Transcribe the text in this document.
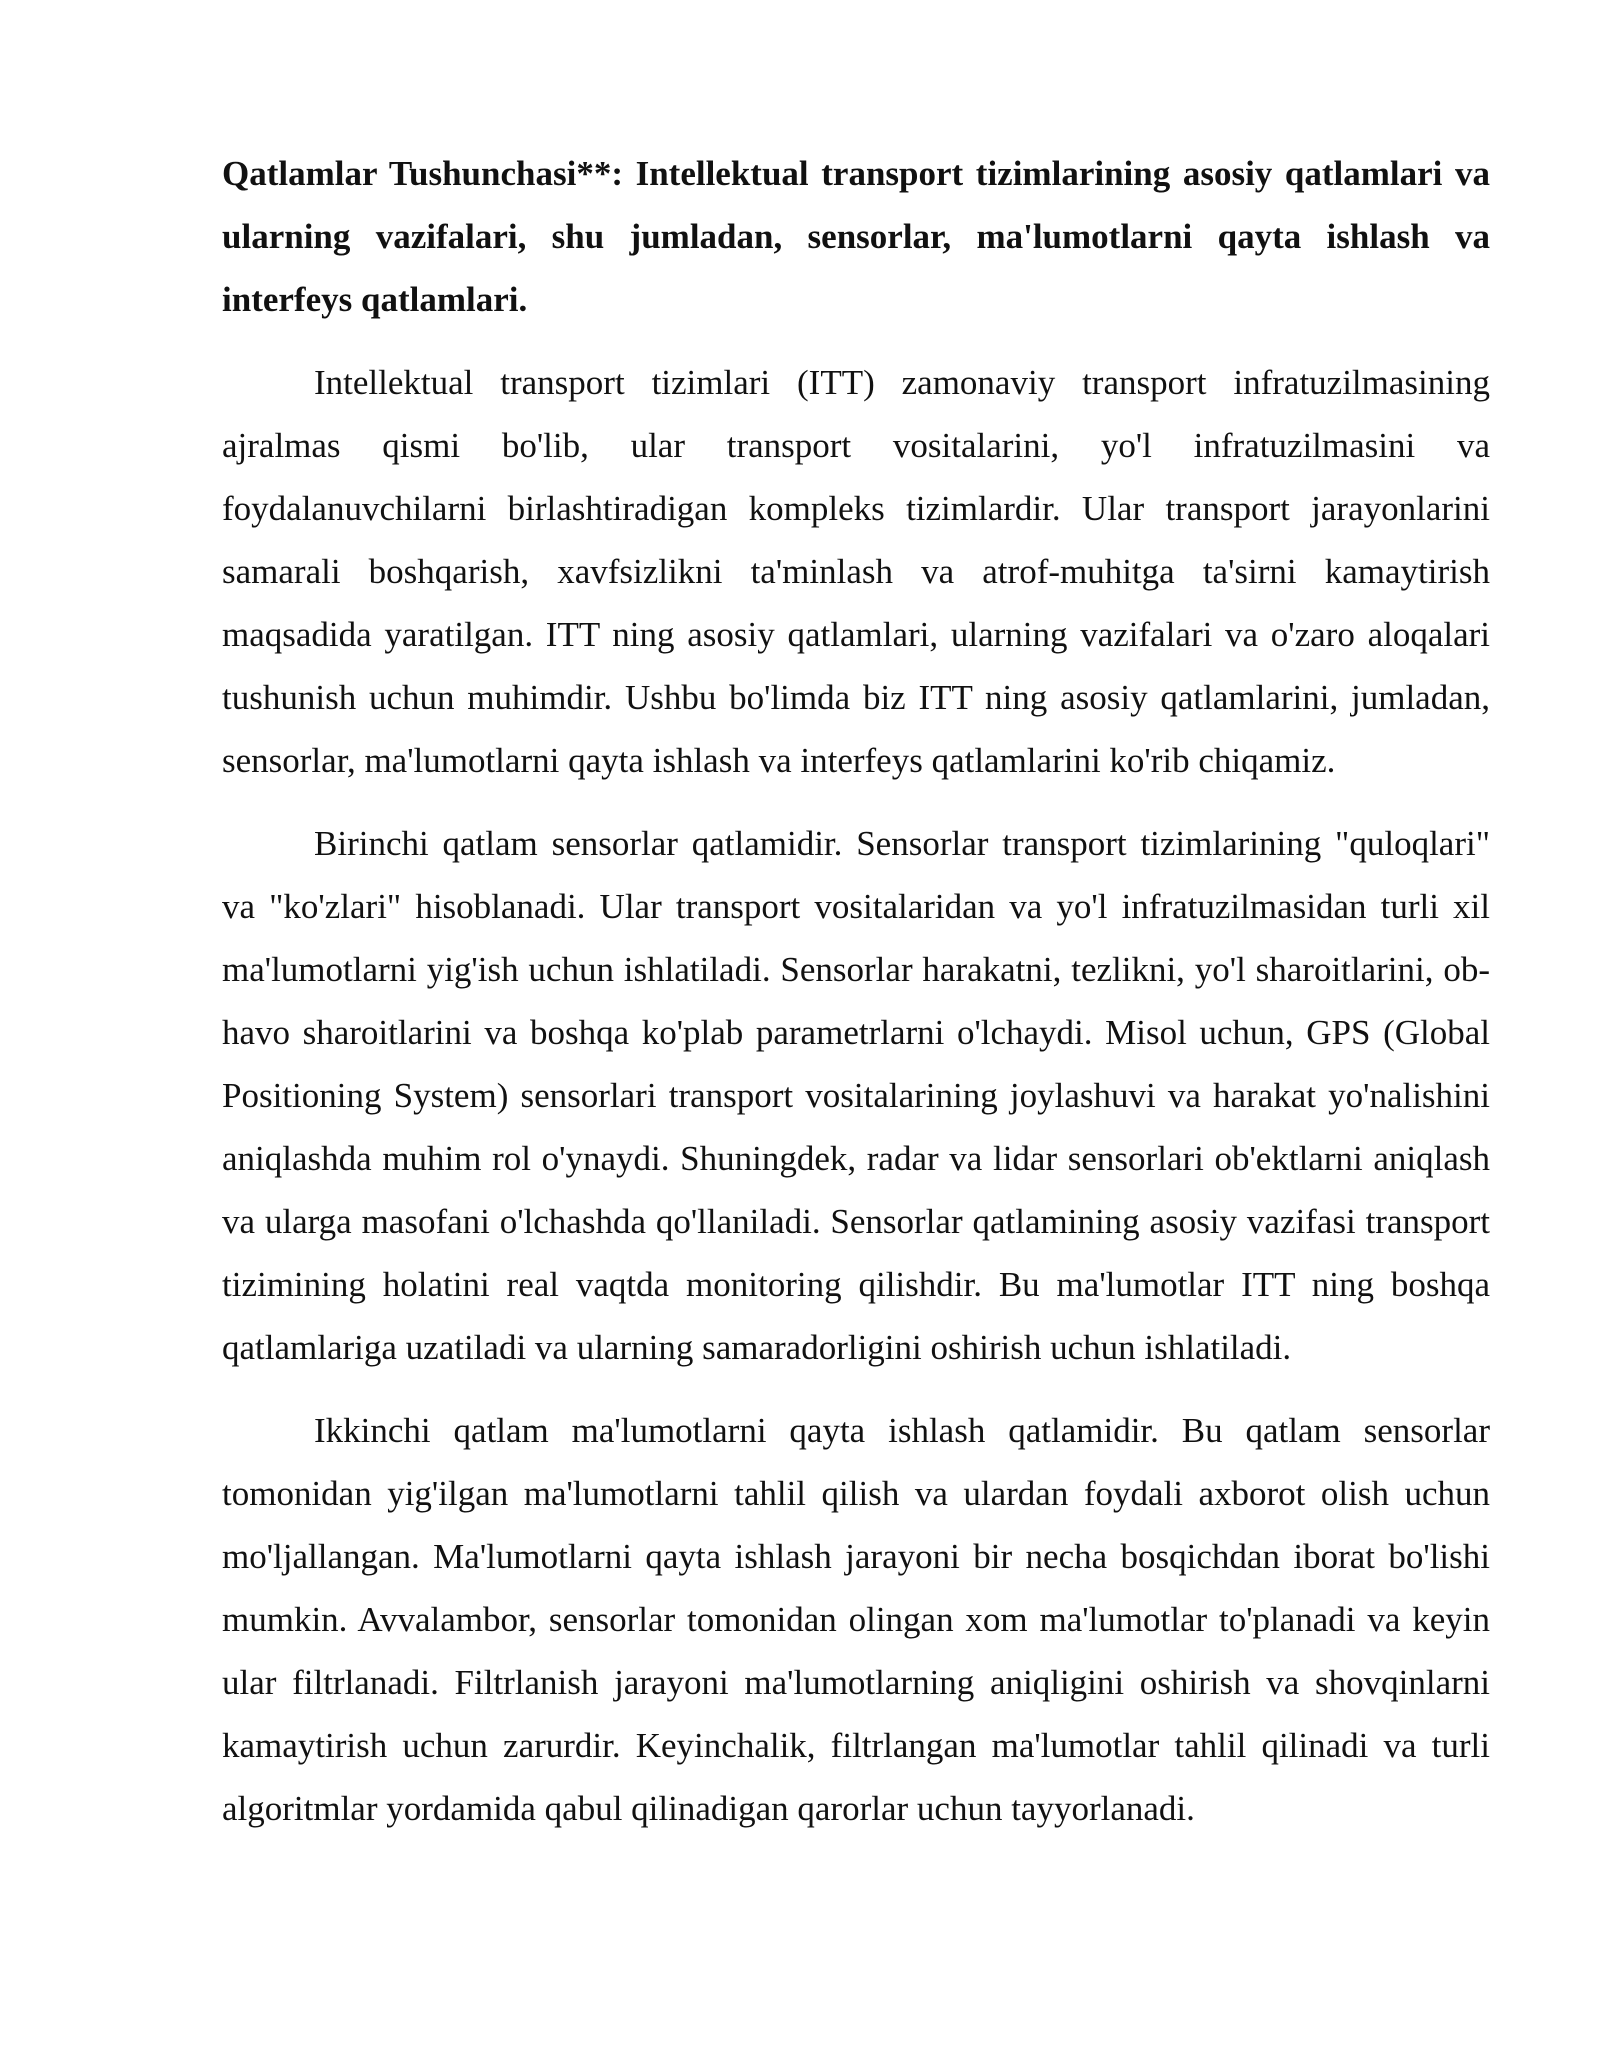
Qatlamlar Tushunchasi**: Intellektual transport tizimlarining asosiy qatlamlari va ularning vazifalari, shu jumladan, sensorlar, ma'lumotlarni qayta ishlash va interfeys qatlamlari.

Intellektual transport tizimlari (ITT) zamonaviy transport infratuzilmasining ajralmas qismi bo'lib, ular transport vositalarini, yo'l infratuzilmasini va foydalanuvchilarni birlashtiradigan kompleks tizimlardir. Ular transport jarayonlarini samarali boshqarish, xavfsizlikni ta'minlash va atrof-muhitga ta'sirni kamaytirish maqsadida yaratilgan. ITT ning asosiy qatlamlari, ularning vazifalari va o'zaro aloqalari tushunish uchun muhimdir. Ushbu bo'limda biz ITT ning asosiy qatlamlarini, jumladan, sensorlar, ma'lumotlarni qayta ishlash va interfeys qatlamlarini ko'rib chiqamiz.

Birinchi qatlam sensorlar qatlamidir. Sensorlar transport tizimlarining "quloqlari" va "ko'zlari" hisoblanadi. Ular transport vositalaridan va yo'l infratuzilmasidan turli xil ma'lumotlarni yig'ish uchun ishlatiladi. Sensorlar harakatni, tezlikni, yo'l sharoitlarini, ob-havo sharoitlarini va boshqa ko'plab parametrlarni o'lchaydi. Misol uchun, GPS (Global Positioning System) sensorlari transport vositalarining joylashuvi va harakat yo'nalishini aniqlashda muhim rol o'ynaydi. Shuningdek, radar va lidar sensorlari ob'ektlarni aniqlash va ularga masofani o'lchashda qo'llaniladi. Sensorlar qatlamining asosiy vazifasi transport tizimining holatini real vaqtda monitoring qilishdir. Bu ma'lumotlar ITT ning boshqa qatlamlariga uzatiladi va ularning samaradorligini oshirish uchun ishlatiladi.

Ikkinchi qatlam ma'lumotlarni qayta ishlash qatlamidir. Bu qatlam sensorlar tomonidan yig'ilgan ma'lumotlarni tahlil qilish va ulardan foydali axborot olish uchun mo'ljallangan. Ma'lumotlarni qayta ishlash jarayoni bir necha bosqichdan iborat bo'lishi mumkin. Avvalambor, sensorlar tomonidan olingan xom ma'lumotlar to'planadi va keyin ular filtrlanadi. Filtrlanish jarayoni ma'lumotlarning aniqligini oshirish va shovqinlarni kamaytirish uchun zarurdir. Keyinchalik, filtrlangan ma'lumotlar tahlil qilinadi va turli algoritmlar yordamida qabul qilinadigan qarorlar uchun tayyorlanadi.
